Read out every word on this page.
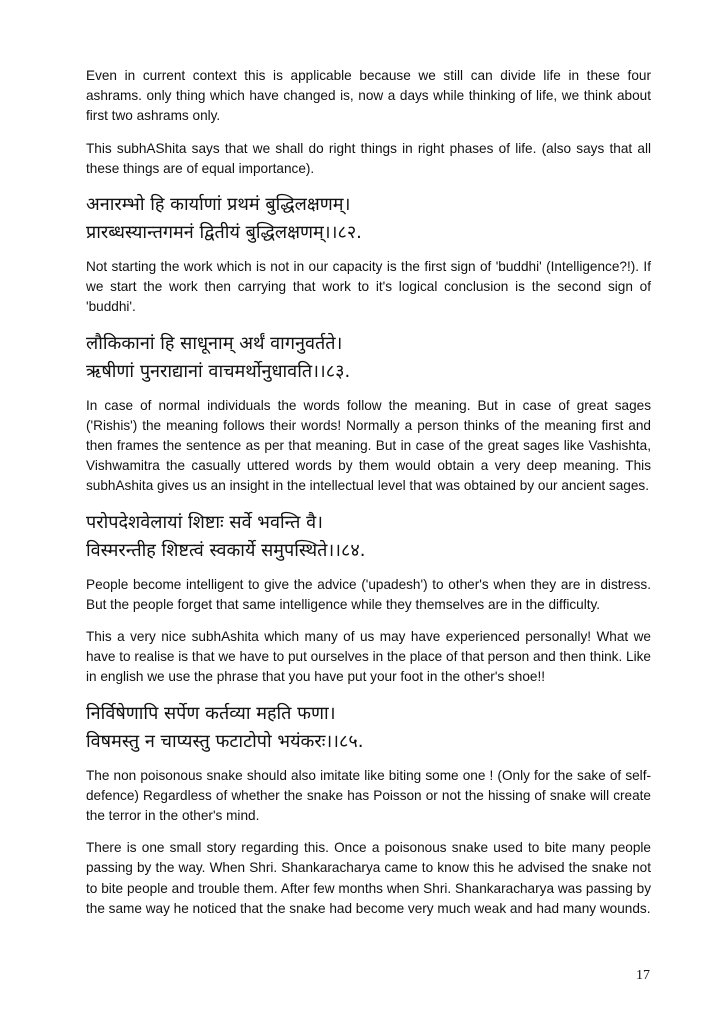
Even in current context this is applicable because we still can divide life in these four ashrams. only thing which have changed is, now a days while thinking of life, we think about first two ashrams only.

This subhAShita says that we shall do right things in right phases of life. (also says that all these things are of equal importance).

अनारम्भो हि कार्याणां प्रथमं बुद्धिलक्षणम्।
प्रारब्धस्यान्तगमनं द्वितीयं बुद्धिलक्षणम्।।८२.

Not starting the work which is not in our capacity is the first sign of 'buddhi' (Intelligence?!). If we start the work then carrying that work to it's logical conclusion is the second sign of 'buddhi'.

लौकिकानां हि साधूनाम् अर्थं वागनुवर्तते।
ऋषीणां पुनराद्यानां वाचमर्थोनुधावति।।८३.

In case of normal individuals the words follow the meaning. But in case of great sages ('Rishis') the meaning follows their words! Normally a person thinks of the meaning first and then frames the sentence as per that meaning. But in case of the great sages like Vashishta, Vishwamitra the casually uttered words by them would obtain a very deep meaning. This subhAshita gives us an insight in the intellectual level that was obtained by our ancient sages.

परोपदेशवेलायां शिष्टाः सर्वे भवन्ति वै।
विस्मरन्तीह शिष्टत्वं स्वकार्ये समुपस्थिते।।८४.

People become intelligent to give the advice ('upadesh') to other's when they are in distress. But the people forget that same intelligence while they themselves are in the difficulty.

This a very nice subhAshita which many of us may have experienced personally! What we have to realise is that we have to put ourselves in the place of that person and then think. Like in english we use the phrase that you have put your foot in the other's shoe!!

निर्विषेणापि सर्पेण कर्तव्या महति फणा।
विषमस्तु न चाप्यस्तु फटाटोपो भयंकरः।।८५.

The non poisonous snake should also imitate like biting some one ! (Only for the sake of self-defence) Regardless of whether the snake has Poisson or not the hissing of snake will create the terror in the other's mind.

There is one small story regarding this. Once a poisonous snake used to bite many people passing by the way. When Shri. Shankaracharya came to know this he advised the snake not to bite people and trouble them. After few months when Shri. Shankaracharya was passing by the same way he noticed that the snake had become very much weak and had many wounds.

17
